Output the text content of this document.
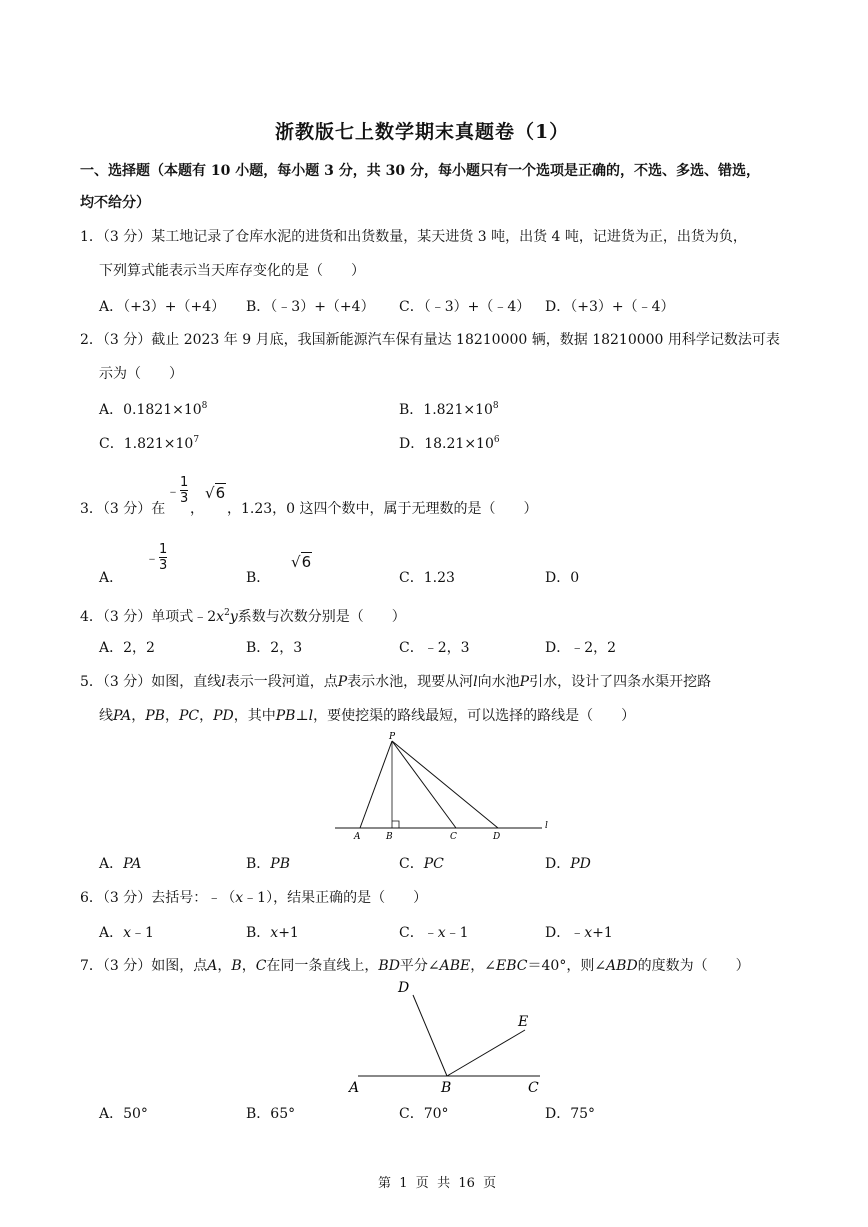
浙教版七上数学期末真题卷（1）
一、选择题（本题有 10 小题，每小题 3 分，共 30 分，每小题只有一个选项是正确的，不选、多选、错选，
均不给分）
1．（3 分）某工地记录了仓库水泥的进货和出货数量，某天进货 3 吨，出货 4 吨，记进货为正，出货为负，
下列算式能表示当天库存变化的是（　　）
A．（+3）+（+4） B．（﹣3）+（+4） C．（﹣3）+（﹣4） D．（+3）+（﹣4）
2．（3 分）截止 2023 年 9 月底，我国新能源汽车保有量达 18210000 辆，数据 18210000 用科学记数法可表
示为（　　）
A．$0.1821\times 10^8$	B．$1.821\times 10^8$
C．$1.821\times 10^7$	D．$18.21\times 10^6$
3．（3 分）在
﹣ $\frac{1}{3}$
，
√6
，1.23，0 这四个数中，属于无理数的是（　　）
A．
﹣ $\frac{1}{3}$
B．
√6
C．1.23	D．0
4．（3 分）单项式$﹣2x^2y$系数与次数分别是（　　）
A．2，2	B．2，3	C．﹣2，3	D．﹣2，2
5．（3 分）如图，直线l表示一段河道，点P表示水池，现要从河l向水池P引水，设计了四条水渠开挖路
线PA，PB，PC，PD，其中PB⊥l，要使挖渠的路线最短，可以选择的路线是（　　）
P
A	B	C	D
l
A．PA	B．PB	C．PC	D．PD
6．（3 分）去括号：﹣（x﹣1），结果正确的是（　　）
A．x﹣1	B．x+1	C．﹣x﹣1	D．﹣x+1
7．（3 分）如图，点A，B，C在同一条直线上，BD平分∠ABE，∠EBC＝40°，则∠ABD的度数为（　　）
D
E
A	B	C
A．50°	B．65°	C．70°	D．75°
第  1  页  共  16  页
